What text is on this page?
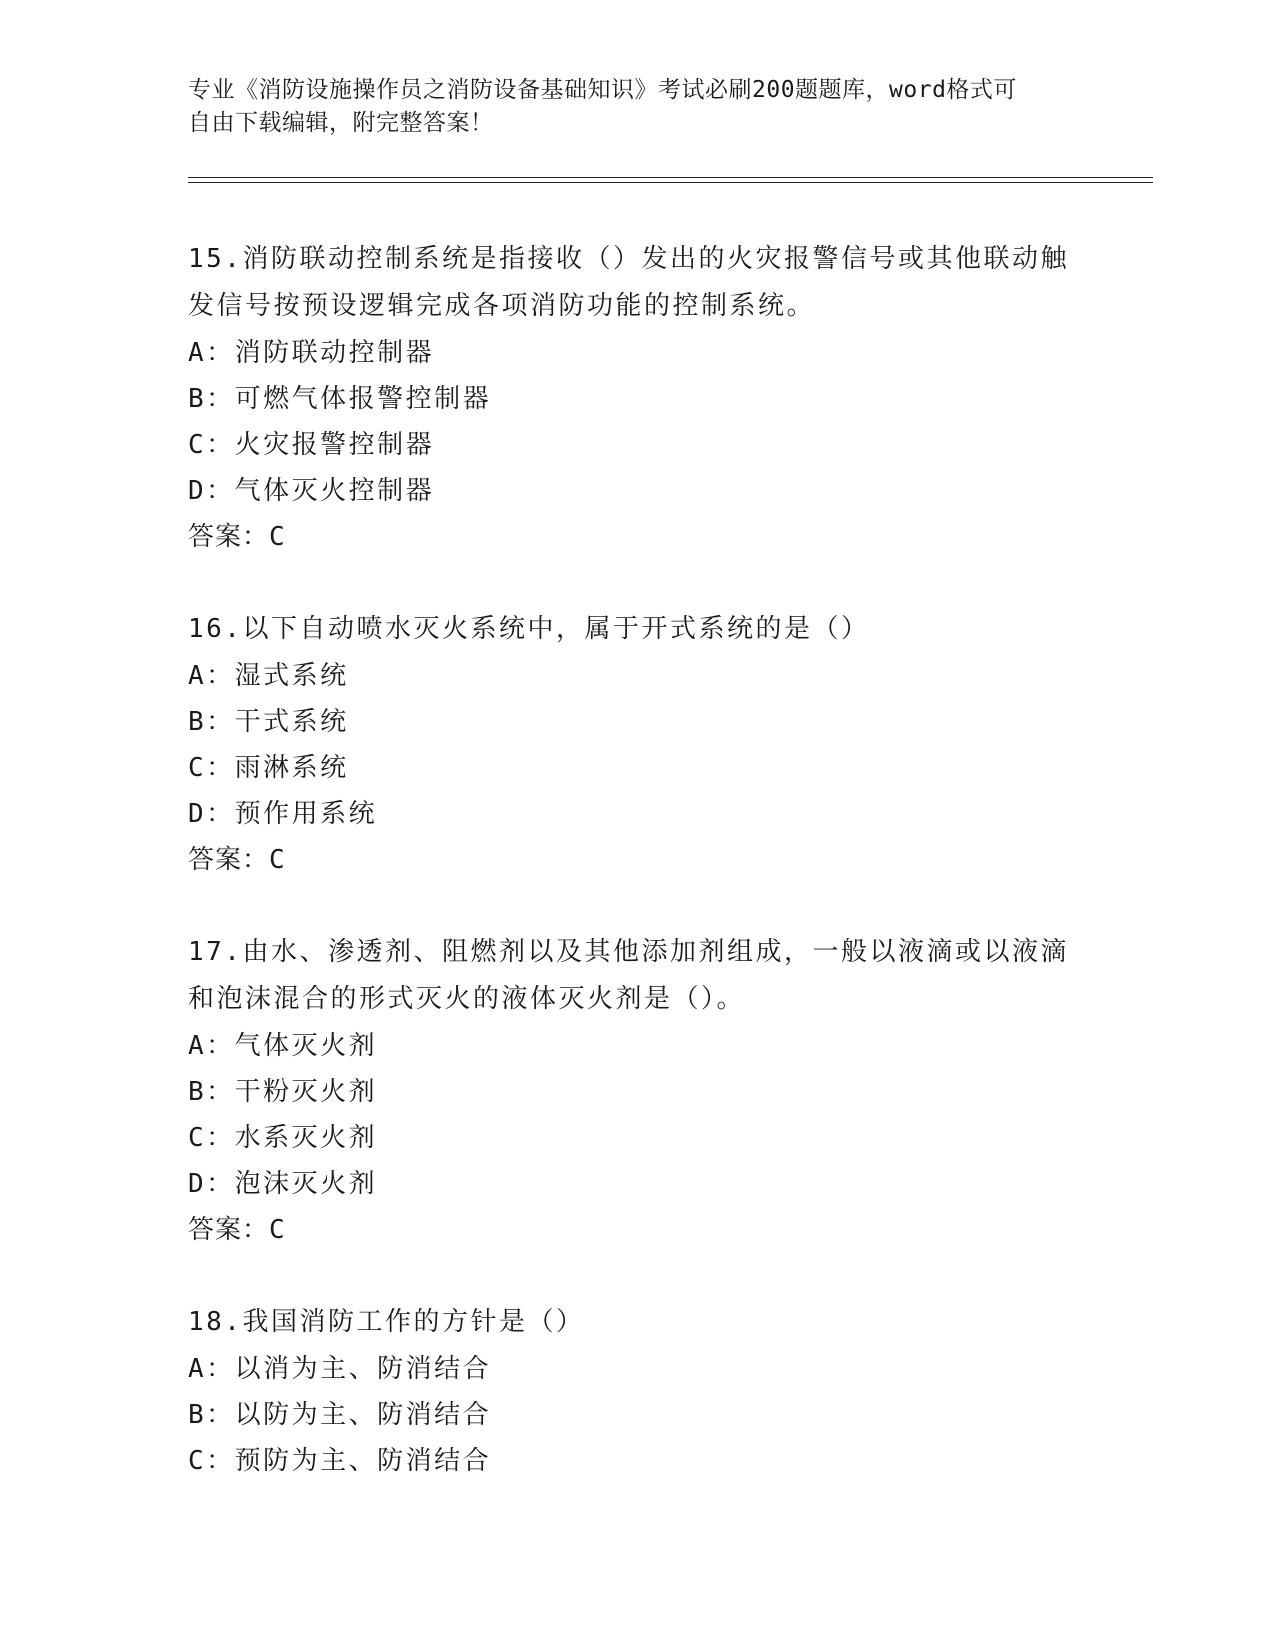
专业《消防设施操作员之消防设备基础知识》考试必刷200题题库，word格式可
自由下载编辑，附完整答案！
15.消防联动控制系统是指接收（）发出的火灾报警信号或其他联动触
发信号按预设逻辑完成各项消防功能的控制系统。
A：消防联动控制器
B：可燃气体报警控制器
C：火灾报警控制器
D：气体灭火控制器
答案：C
16.以下自动喷水灭火系统中，属于开式系统的是（）
A：湿式系统
B：干式系统
C：雨淋系统
D：预作用系统
答案：C
17.由水、渗透剂、阻燃剂以及其他添加剂组成，一般以液滴或以液滴
和泡沫混合的形式灭火的液体灭火剂是（）。
A：气体灭火剂
B：干粉灭火剂
C：水系灭火剂
D：泡沫灭火剂
答案：C
18.我国消防工作的方针是（）
A：以消为主、防消结合
B：以防为主、防消结合
C：预防为主、防消结合
